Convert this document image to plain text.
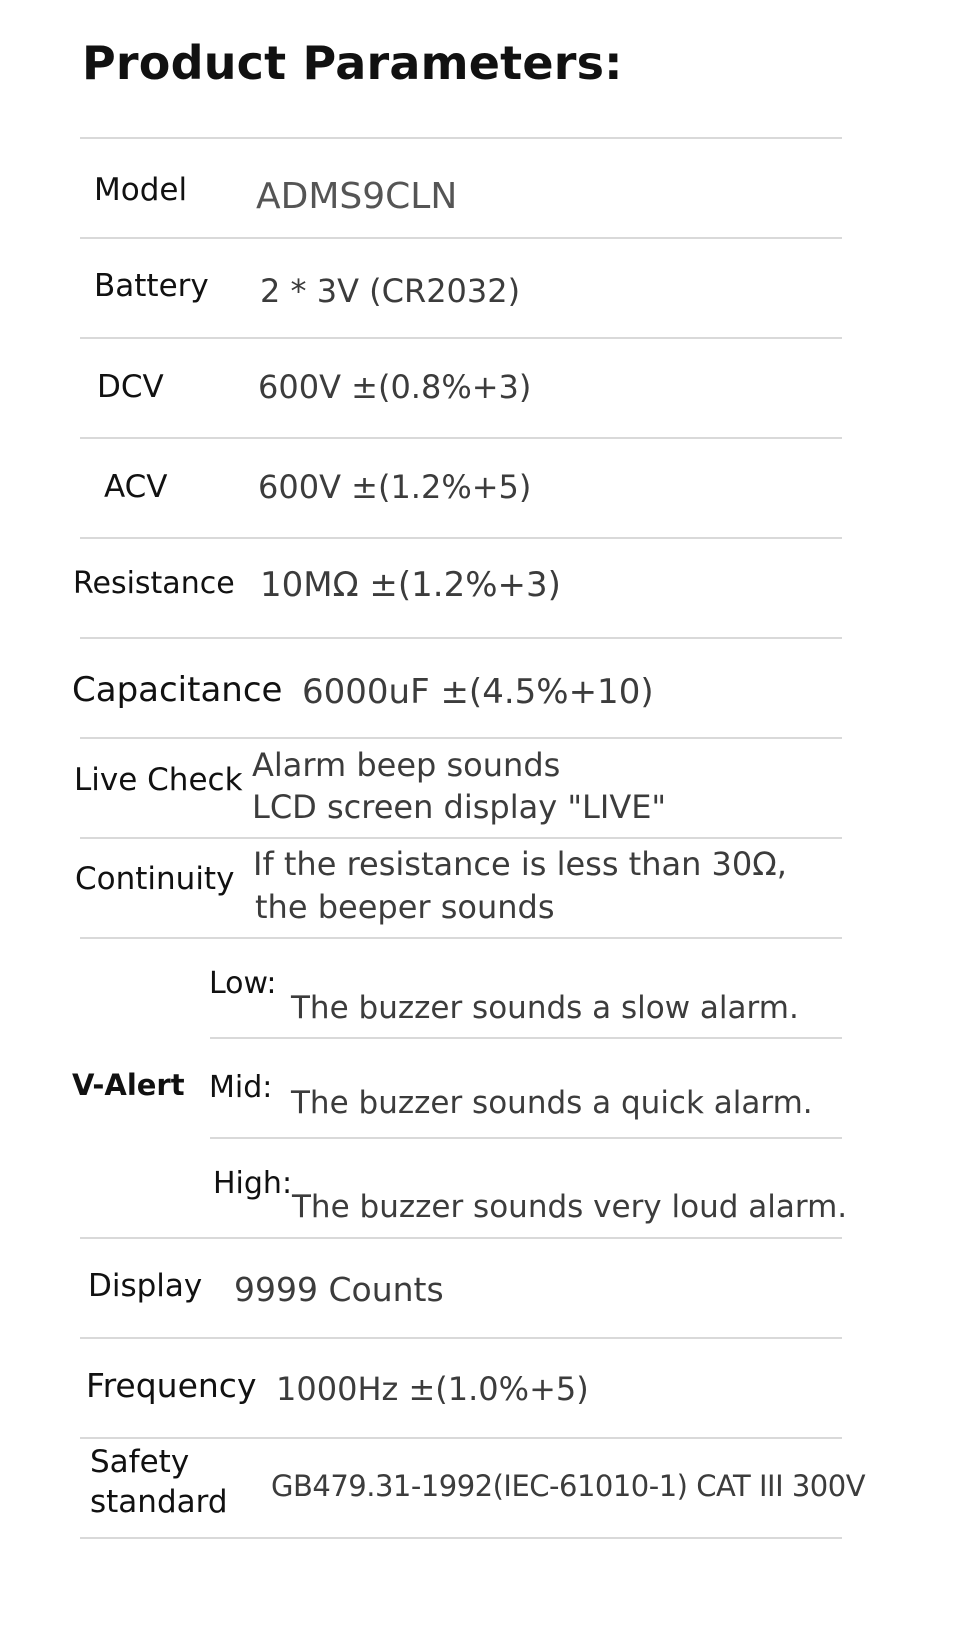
Product Parameters:
Model ADMS9CLN
Battery 2 * 3V (CR2032)
DCV	600V ±(0.8%+3)
ACV	600V ±(1.2%+5)
Resistance 10MΩ ±(1.2%+3)
Capacitance 6000uF ±(4.5%+10)
Live Check Alarm beep sounds
LCD screen display "LIVE"
Continuity If the resistance is less than 30Ω,
the beeper sounds
V-Alert
Low:
The buzzer sounds a slow alarm.
Mid: The buzzer sounds a quick alarm.
High:
The buzzer sounds very loud alarm.
Display 9999 Counts
Frequency 1000Hz ±(1.0%+5)
Safety
standard GB479.31-1992(IEC-61010-1) CAT III 300V
